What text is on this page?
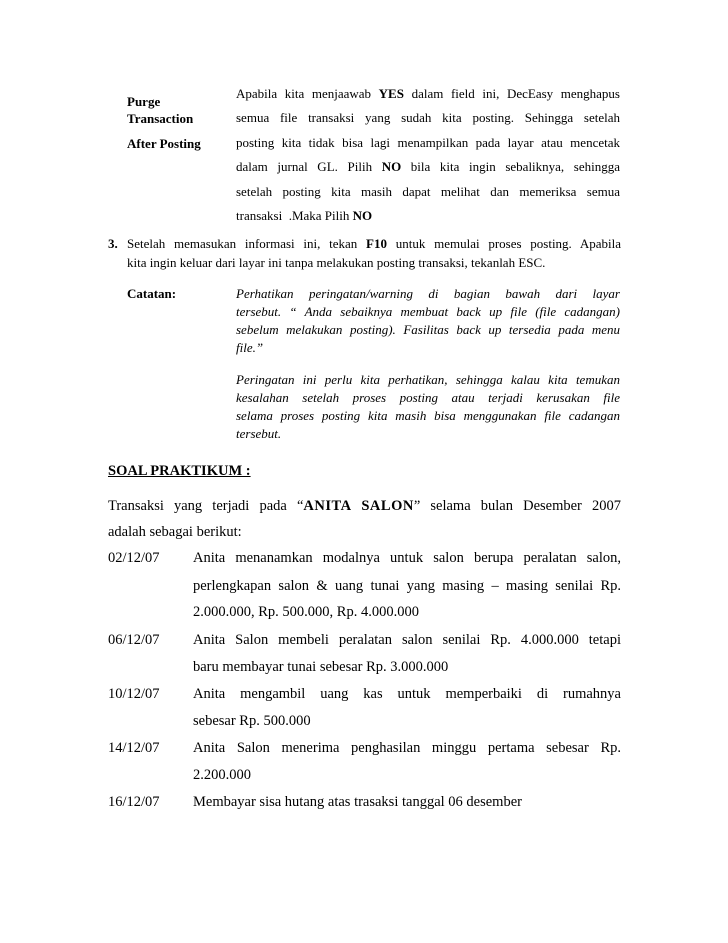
Purge
Transaction
After Posting
Apabila kita menjaawab YES dalam field ini, DecEasy menghapus
semua file transaksi yang sudah kita posting. Sehingga setelah
posting kita tidak bisa lagi menampilkan pada layar atau mencetak
dalam jurnal GL. Pilih NO bila kita ingin sebaliknya, sehingga
setelah posting kita masih dapat melihat dan memeriksa semua
transaksi  .Maka Pilih NO
3. Setelah memasukan informasi ini, tekan F10 untuk memulai proses posting. Apabila
kita ingin keluar dari layar ini tanpa melakukan posting transaksi, tekanlah ESC.
Catatan:	Perhatikan peringatan/warning di bagian bawah dari layar
tersebut. “ Anda sebaiknya membuat back up file (file cadangan)
sebelum melakukan posting). Fasilitas back up tersedia pada menu
file.”
Peringatan ini perlu kita perhatikan, sehingga kalau kita temukan
kesalahan setelah proses posting atau terjadi kerusakan file
selama proses posting kita masih bisa menggunakan file cadangan
tersebut.
SOAL PRAKTIKUM :
Transaksi yang terjadi pada “ANITA SALON” selama bulan Desember 2007
adalah sebagai berikut:
02/12/07 Anita menanamkan modalnya untuk salon berupa peralatan salon,
perlengkapan salon & uang tunai yang masing – masing senilai Rp.
2.000.000, Rp. 500.000, Rp. 4.000.000
06/12/07 Anita Salon membeli peralatan salon senilai Rp. 4.000.000 tetapi
baru membayar tunai sebesar Rp. 3.000.000
10/12/07 Anita mengambil uang kas untuk memperbaiki di rumahnya
sebesar Rp. 500.000
14/12/07 Anita Salon menerima penghasilan minggu pertama sebesar Rp.
2.200.000
16/12/07 Membayar sisa hutang atas trasaksi tanggal 06 desember
